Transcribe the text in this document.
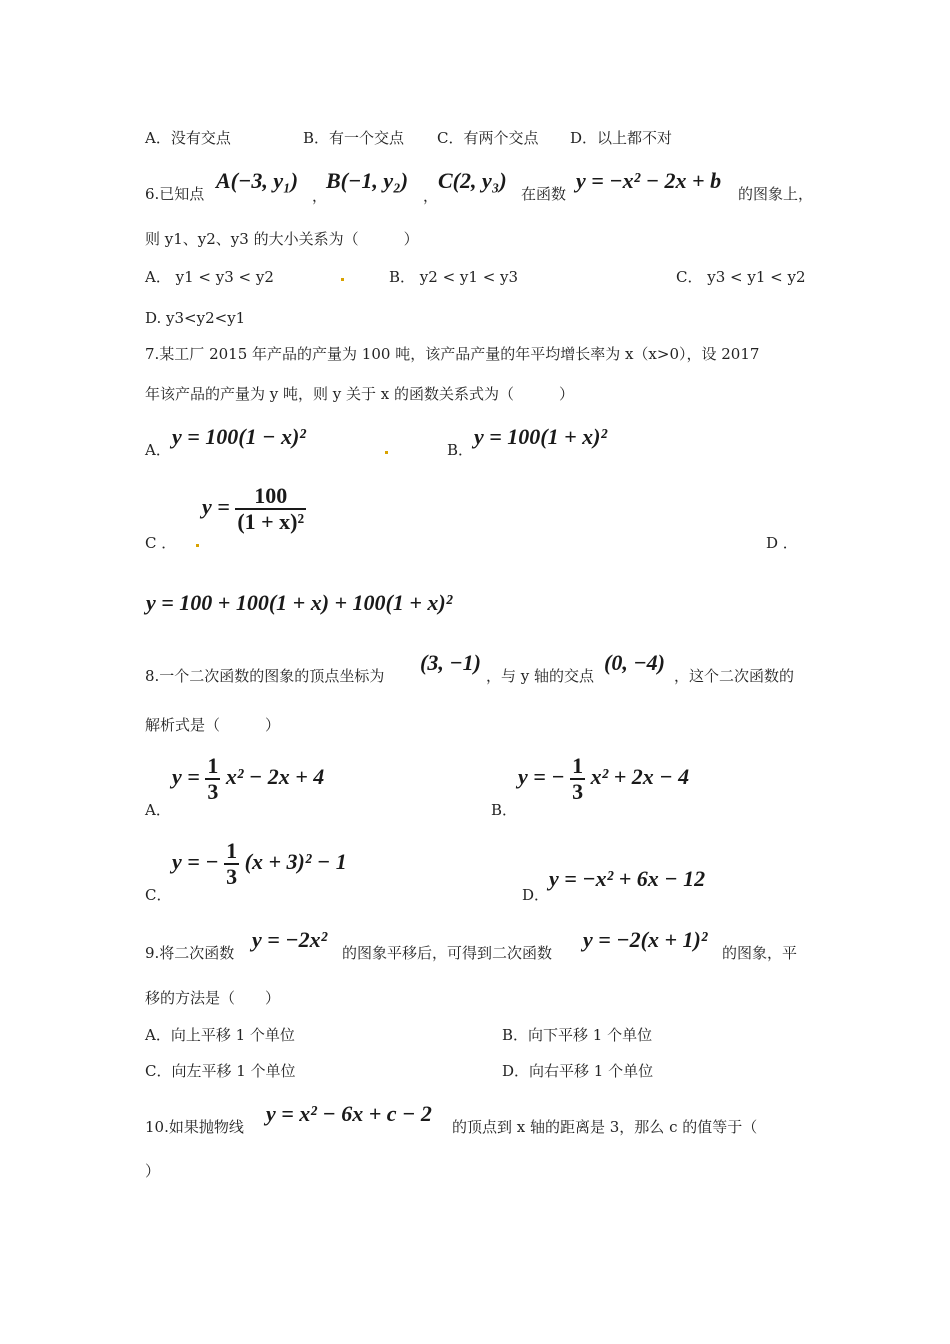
A．没有交点	B．有一个交点 C．有两个交点 D．以上都不对
6.已知点
A(−3, y₁)
，
B(−1, y₂)
，
C(2, y₃)
在函数
y = −x² − 2x + b
的图象上，
则 y1、y2、y3 的大小关系为（　　　）
A． y1 < y3 < y2	B． y2 < y1 < y3	C． y3 < y1 < y2
D. y3<y2<y1
7.某工厂 2015 年产品的产量为 100 吨，该产品产量的年平均增长率为 x（x>0），设 2017
年该产品的产量为 y 吨，则 y 关于 x 的函数关系式为（　　　）
A．
y = 100(1 − x)²
B．
y = 100(1 + x)²
C ．
$y = \frac{100}{\text{(1 + x)²}}$
D ．
y = 100 + 100(1 + x) + 100(1 + x)²
8.一个二次函数的图象的顶点坐标为
(3, −1)
，与 y 轴的交点
(0, −4)
，这个二次函数的
解析式是（　　　）
A．
$y = \frac{1}{3} x^2 - 2x + 4$
B．
y = − $\frac{1}{3} x^2 + 2x - 4$
C．
y = − $\frac{1}{3} (x + 3)^2 - 1$
D．
y = −x² + 6x − 12
9.将二次函数
y = −2x²
的图象平移后，可得到二次函数
y = −2(x + 1)²
的图象，平
移的方法是（　　）
A．向上平移 1 个单位	B．向下平移 1 个单位
C．向左平移 1 个单位	D．向右平移 1 个单位
10.如果抛物线
y = x² − 6x + c − 2
的顶点到 x 轴的距离是 3，那么 c 的值等于（
）
